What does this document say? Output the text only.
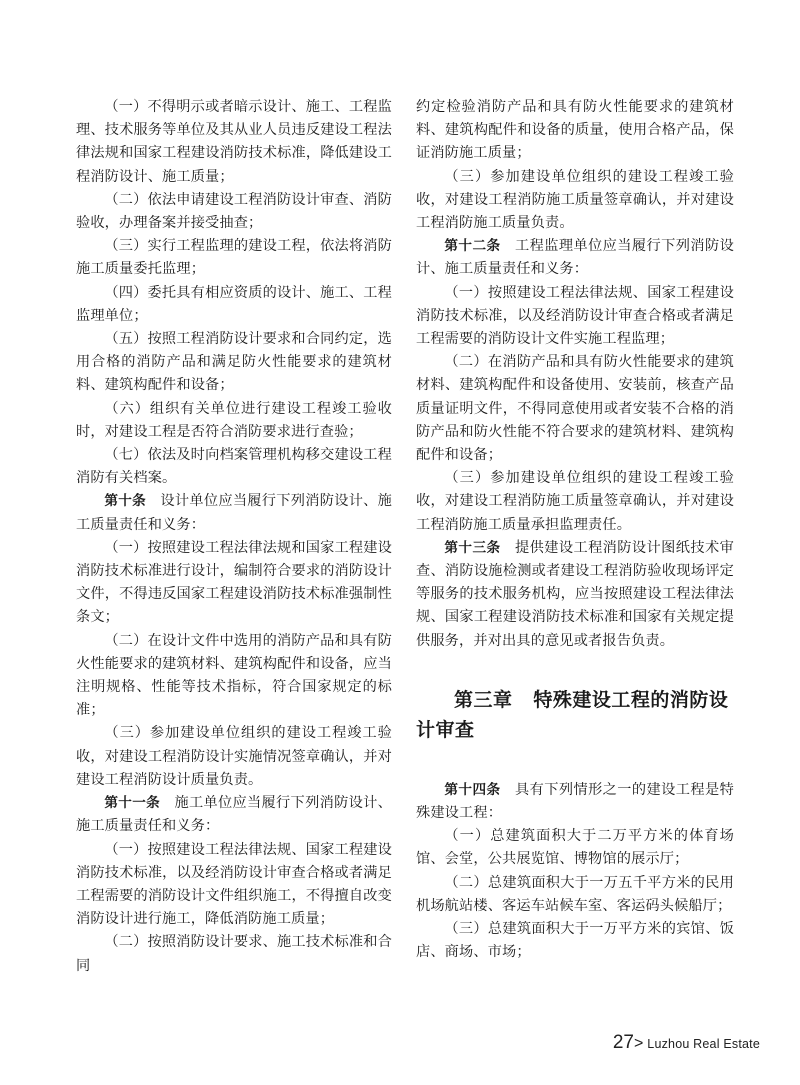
（一）不得明示或者暗示设计、施工、工程监理、技术服务等单位及其从业人员违反建设工程法律法规和国家工程建设消防技术标准，降低建设工程消防设计、施工质量；

（二）依法申请建设工程消防设计审查、消防验收，办理备案并接受抽查；

（三）实行工程监理的建设工程，依法将消防施工质量委托监理；

（四）委托具有相应资质的设计、施工、工程监理单位；

（五）按照工程消防设计要求和合同约定，选用合格的消防产品和满足防火性能要求的建筑材料、建筑构配件和设备；

（六）组织有关单位进行建设工程竣工验收时，对建设工程是否符合消防要求进行查验；

（七）依法及时向档案管理机构移交建设工程消防有关档案。

第十条 设计单位应当履行下列消防设计、施工质量责任和义务：

（一）按照建设工程法律法规和国家工程建设消防技术标准进行设计，编制符合要求的消防设计文件，不得违反国家工程建设消防技术标准强制性条文；

（二）在设计文件中选用的消防产品和具有防火性能要求的建筑材料、建筑构配件和设备，应当注明规格、性能等技术指标，符合国家规定的标准；

（三）参加建设单位组织的建设工程竣工验收，对建设工程消防设计实施情况签章确认，并对建设工程消防设计质量负责。

第十一条 施工单位应当履行下列消防设计、施工质量责任和义务：

（一）按照建设工程法律法规、国家工程建设消防技术标准，以及经消防设计审查合格或者满足工程需要的消防设计文件组织施工，不得擅自改变消防设计进行施工，降低消防施工质量；

（二）按照消防设计要求、施工技术标准和合同

约定检验消防产品和具有防火性能要求的建筑材料、建筑构配件和设备的质量，使用合格产品，保证消防施工质量；

（三）参加建设单位组织的建设工程竣工验收，对建设工程消防施工质量签章确认，并对建设工程消防施工质量负责。

第十二条 工程监理单位应当履行下列消防设计、施工质量责任和义务：

（一）按照建设工程法律法规、国家工程建设消防技术标准，以及经消防设计审查合格或者满足工程需要的消防设计文件实施工程监理；

（二）在消防产品和具有防火性能要求的建筑材料、建筑构配件和设备使用、安装前，核查产品质量证明文件，不得同意使用或者安装不合格的消防产品和防火性能不符合要求的建筑材料、建筑构配件和设备；

（三）参加建设单位组织的建设工程竣工验收，对建设工程消防施工质量签章确认，并对建设工程消防施工质量承担监理责任。

第十三条 提供建设工程消防设计图纸技术审查、消防设施检测或者建设工程消防验收现场评定等服务的技术服务机构，应当按照建设工程法律法规、国家工程建设消防技术标准和国家有关规定提供服务，并对出具的意见或者报告负责。

第三章 特殊建设工程的消防设计审查

第十四条 具有下列情形之一的建设工程是特殊建设工程：

（一）总建筑面积大于二万平方米的体育场馆、会堂，公共展览馆、博物馆的展示厅；

（二）总建筑面积大于一万五千平方米的民用机场航站楼、客运车站候车室、客运码头候船厅；

（三）总建筑面积大于一万平方米的宾馆、饭店、商场、市场；

27> Luzhou Real Estate
